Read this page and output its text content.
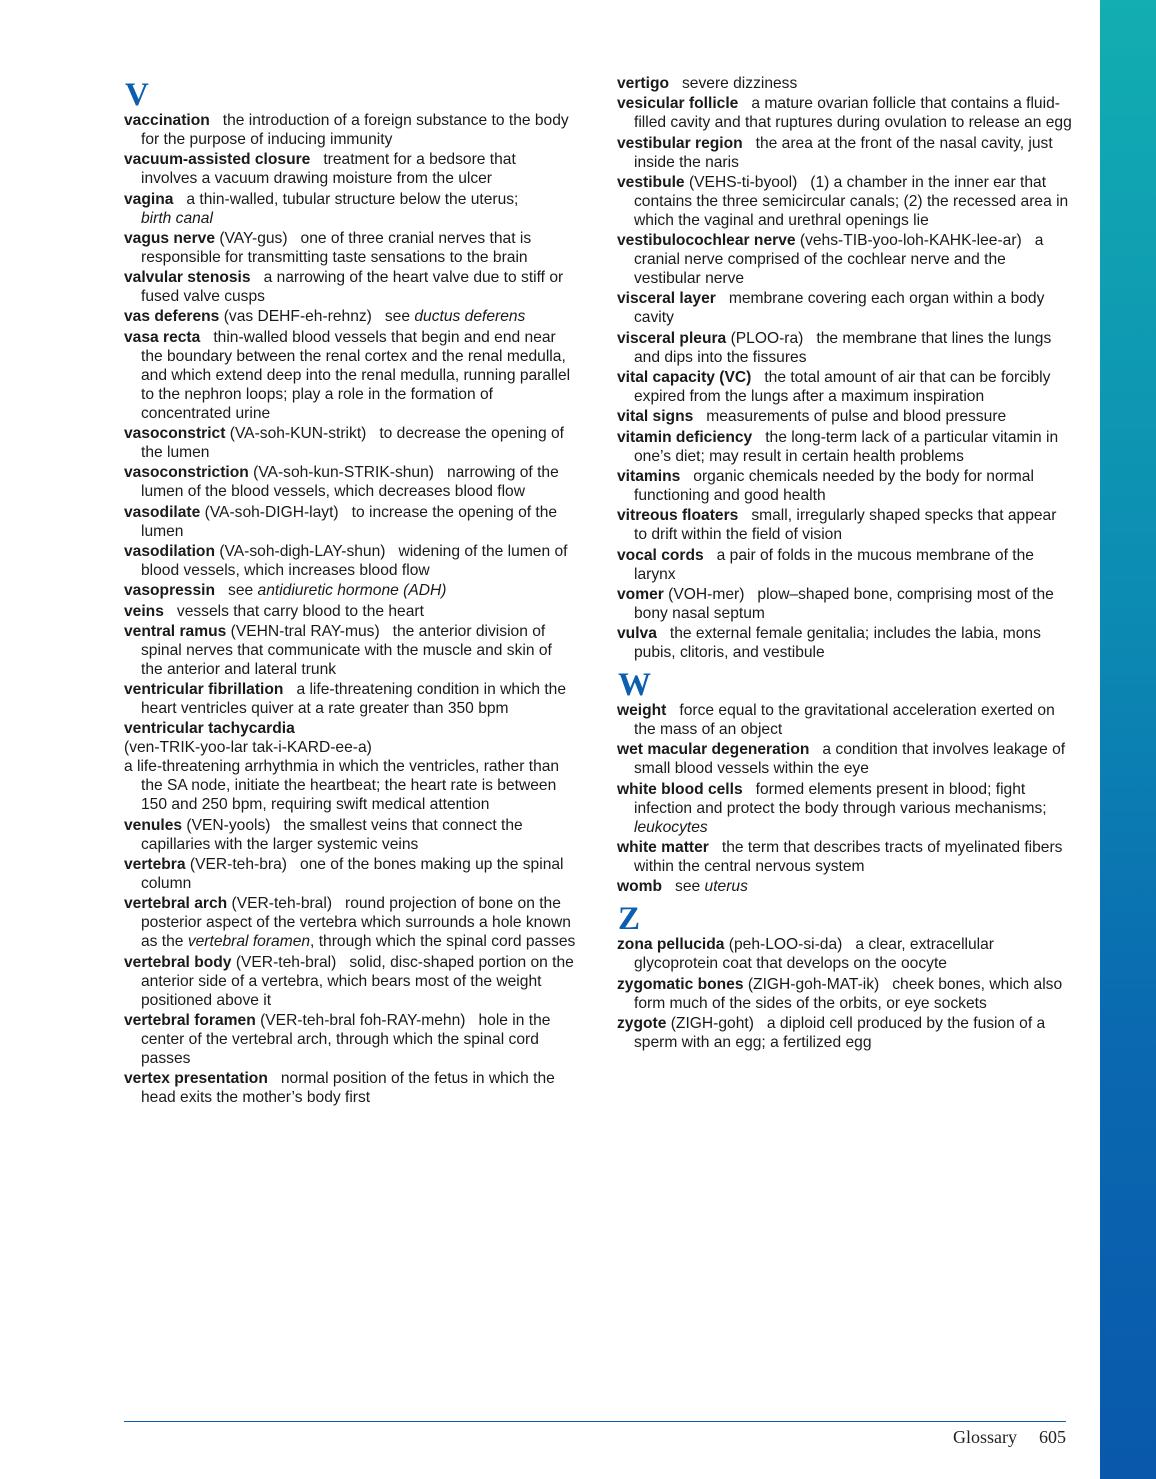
V
vaccination the introduction of a foreign substance to the body for the purpose of inducing immunity
vacuum-assisted closure treatment for a bedsore that involves a vacuum drawing moisture from the ulcer
vagina a thin-walled, tubular structure below the uterus;
birth canal
vagus nerve (VAY-gus) one of three cranial nerves that is responsible for transmitting taste sensations to the brain
valvular stenosis a narrowing of the heart valve due to stiff or fused valve cusps
vas deferens (vas DEHF-eh-rehnz) see ductus deferens
vasa recta thin-walled blood vessels that begin and end near the boundary between the renal cortex and the renal medulla, and which extend deep into the renal medulla, running parallel to the nephron loops; play a role in the formation of concentrated urine
vasoconstrict (VA-soh-KUN-strikt) to decrease the opening of the lumen
vasoconstriction (VA-soh-kun-STRIK-shun) narrowing of the lumen of the blood vessels, which decreases blood flow
vasodilate (VA-soh-DIGH-layt) to increase the opening of the lumen
vasodilation (VA-soh-digh-LAY-shun) widening of the lumen of blood vessels, which increases blood flow
vasopressin see antidiuretic hormone (ADH)
veins vessels that carry blood to the heart
ventral ramus (VEHN-tral RAY-mus) the anterior division of spinal nerves that communicate with the muscle and skin of the anterior and lateral trunk
ventricular fibrillation a life-threatening condition in which the heart ventricles quiver at a rate greater than 350 bpm
ventricular tachycardia
(ven-TRIK-yoo-lar tak-i-KARD-ee-a)
a life-threatening arrhythmia in which the ventricles, rather than the SA node, initiate the heartbeat; the heart rate is between 150 and 250 bpm, requiring swift medical attention
venules (VEN-yools) the smallest veins that connect the capillaries with the larger systemic veins
vertebra (VER-teh-bra) one of the bones making up the spinal column
vertebral arch (VER-teh-bral) round projection of bone on the posterior aspect of the vertebra which surrounds a hole known as the vertebral foramen, through which the spinal cord passes
vertebral body (VER-teh-bral) solid, disc-shaped portion on the anterior side of a vertebra, which bears most of the weight positioned above it
vertebral foramen (VER-teh-bral foh-RAY-mehn) hole in the center of the vertebral arch, through which the spinal cord passes
vertex presentation normal position of the fetus in which the head exits the mother’s body first
vertigo severe dizziness
vesicular follicle a mature ovarian follicle that contains a fluid-filled cavity and that ruptures during ovulation to release an egg
vestibular region the area at the front of the nasal cavity, just inside the naris
vestibule (VEHS-ti-byool) (1) a chamber in the inner ear that contains the three semicircular canals; (2) the recessed area in which the vaginal and urethral openings lie
vestibulocochlear nerve (vehs-TIB-yoo-loh-KAHK-lee-ar) a cranial nerve comprised of the cochlear nerve and the vestibular nerve
visceral layer membrane covering each organ within a body cavity
visceral pleura (PLOO-ra) the membrane that lines the lungs and dips into the fissures
vital capacity (VC) the total amount of air that can be forcibly expired from the lungs after a maximum inspiration
vital signs measurements of pulse and blood pressure
vitamin deficiency the long-term lack of a particular vitamin in one’s diet; may result in certain health problems
vitamins organic chemicals needed by the body for normal functioning and good health
vitreous floaters small, irregularly shaped specks that appear to drift within the field of vision
vocal cords a pair of folds in the mucous membrane of the larynx
vomer (VOH-mer) plow–shaped bone, comprising most of the bony nasal septum
vulva the external female genitalia; includes the labia, mons pubis, clitoris, and vestibule
W
weight force equal to the gravitational acceleration exerted on the mass of an object
wet macular degeneration a condition that involves leakage of small blood vessels within the eye
white blood cells formed elements present in blood; fight infection and protect the body through various mechanisms; leukocytes
white matter the term that describes tracts of myelinated fibers within the central nervous system
womb see uterus
Z
zona pellucida (peh-LOO-si-da) a clear, extracellular glycoprotein coat that develops on the oocyte
zygomatic bones (ZIGH-goh-MAT-ik) cheek bones, which also form much of the sides of the orbits, or eye sockets
zygote (ZIGH-goht) a diploid cell produced by the fusion of a sperm with an egg; a fertilized egg
Glossary 605
